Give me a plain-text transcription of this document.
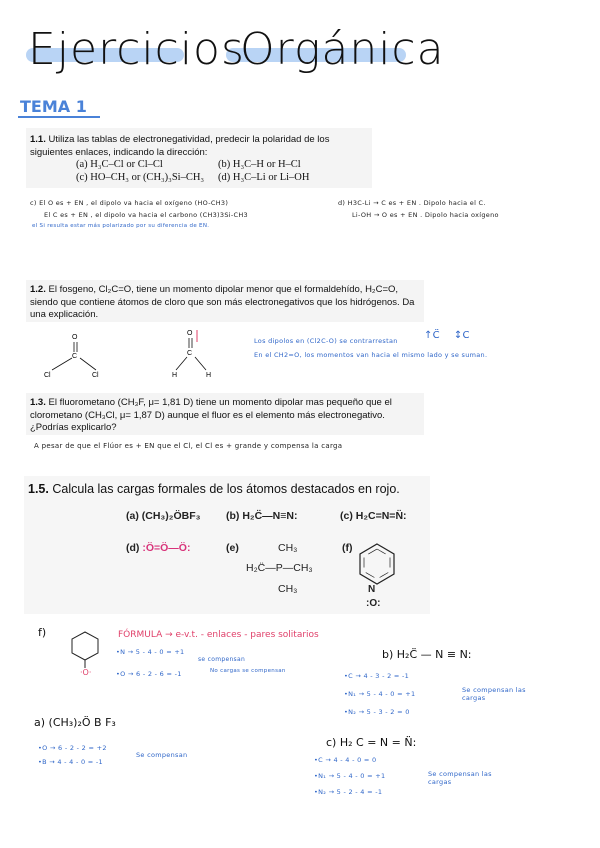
Ejercicios
Orgánica
TEMA 1
1.1. Utiliza las tablas de electronegatividad, predecir la polaridad de los siguientes enlaces, indicando la dirección:
(a) H₃C–Cl or Cl–Cl	(b) H₃C–H or H–Cl
(c) HO–CH₃ or (CH₃)₃Si–CH₃ (d) H₃C–Li or Li–OH
c) El O es + EN , el dipolo va hacia el oxígeno (HO-CH3)
El C es + EN , el dipolo va hacia el carbono (CH3)3Si-CH3
el Si resulta estar más polarizado por su diferencia de EN.
d) H3C-Li → C es + EN . Dipolo hacia el C.
Li-OH → O es + EN . Dipolo hacia oxígeno
1.2. El fosgeno, Cl₂C=O, tiene un momento dipolar menor que el formaldehído, H₂C=O, siendo que contiene átomos de cloro que son más electronegativos que los hidrógenos. Da una explicación.
O
C
Cl	Cl
O
C
H	H
Los dipolos en (Cl2C-O) se contrarrestan	↑C̈    ↕C
En el CH2=O, los momentos van hacia el mismo lado y se suman.
1.3. El fluorometano (CH₃F, μ= 1,81 D) tiene un momento dipolar mas pequeño que el clorometano (CH₃Cl, μ= 1,87 D) aunque el fluor es el elemento más electronegativo. ¿Podrías explicarlo?
A pesar de que el Flúor es + EN que el Cl, el Cl es + grande y compensa la carga
1.5. Calcula las cargas formales de los átomos destacados en rojo.
(a) (CH₃)₂ÖBF₃ (b) H₂C̈—N≡N:	(c) H₂C=N=N̈:
(d) :Ö=Ö—Ö:	(e)	CH₃
H₂C̈—P—CH₃
CH₃
(f)
N
:O:
f)
·O·
FÓRMULA → e-v.t. - enlaces - pares solitarios
•N → 5 - 4 - 0 = +1
•O → 6 - 2 - 6 = -1
se compensan
No cargas se compensan
b) H₂C̈ — N ≡ N:
•C → 4 - 3 - 2 = -1
•N₁ → 5 - 4 - 0 = +1
•N₂ → 5 - 3 - 2 = 0
Se compensan las cargas
a) (CH₃)₂Ö B F₃
•O → 6 - 2 - 2 = +2
•B → 4 - 4 - 0 = -1
Se compensan
c) H₂ C = N = N̈:
•C → 4 - 4 - 0 = 0
•N₁ → 5 - 4 - 0 = +1
•N₂ → 5 - 2 - 4 = -1
Se compensan las cargas
